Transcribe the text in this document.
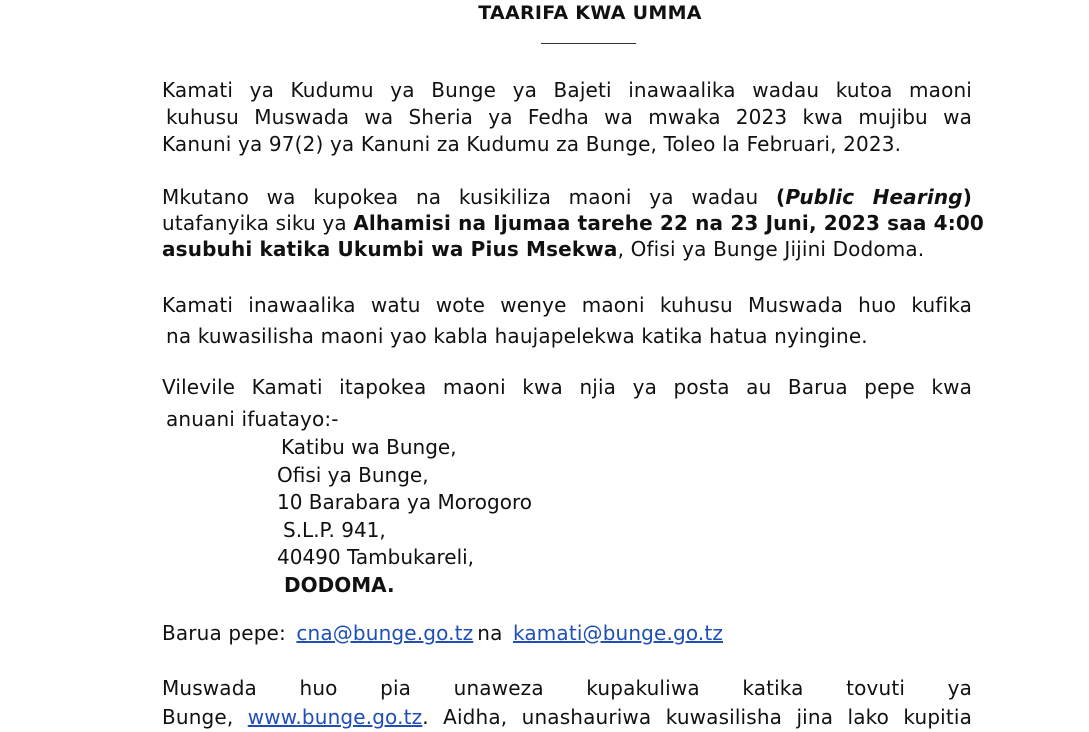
TAARIFA KWA UMMA
Kamati ya Kudumu ya Bunge ya Bajeti inawaalika wadau kutoa maoni
kuhusu Muswada wa Sheria ya Fedha wa mwaka 2023 kwa mujibu wa
Kanuni ya 97(2) ya Kanuni za Kudumu za Bunge, Toleo la Februari, 2023.
Mkutano wa kupokea na kusikiliza maoni ya wadau (Public Hearing)
utafanyika siku ya Alhamisi na Ijumaa tarehe 22 na 23 Juni, 2023 saa 4:00
asubuhi katika Ukumbi wa Pius Msekwa, Ofisi ya Bunge Jijini Dodoma.
Kamati inawaalika watu wote wenye maoni kuhusu Muswada huo kufika
na kuwasilisha maoni yao kabla haujapelekwa katika hatua nyingine.
Vilevile Kamati itapokea maoni kwa njia ya posta au Barua pepe kwa
anuani ifuatayo:-
Katibu wa Bunge,
Ofisi ya Bunge,
10 Barabara ya Morogoro
S.L.P. 941,
40490 Tambukareli,
DODOMA.
Barua pepe: cna@bunge.go.tz na kamati@bunge.go.tz
Muswada huo pia unaweza kupakuliwa katika tovuti ya
Bunge, www.bunge.go.tz. Aidha, unashauriwa kuwasilisha jina lako kupitia
